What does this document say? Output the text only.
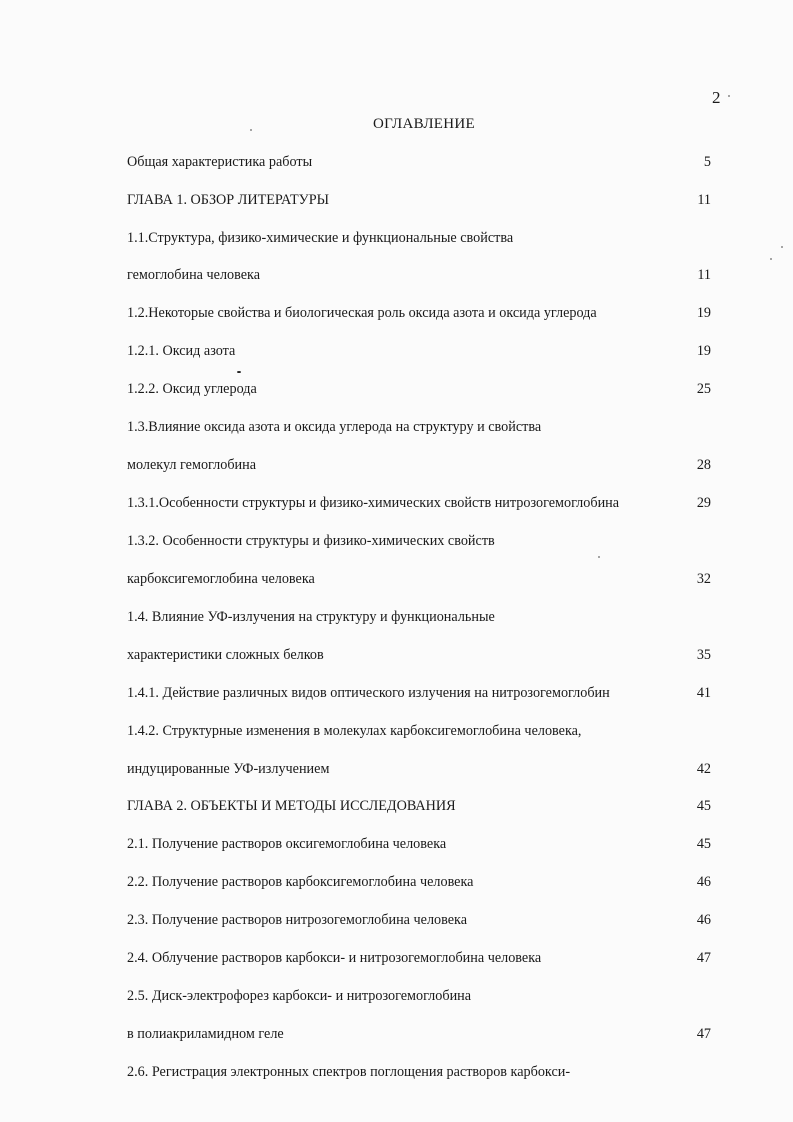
2
ОГЛАВЛЕНИЕ
Общая характеристика работы	5
ГЛАВА 1. ОБЗОР ЛИТЕРАТУРЫ	11
1.1.Структура, физико-химические и функциональные свойства
гемоглобина человека	11
1.2.Некоторые свойства и биологическая роль оксида азота и оксида углерода	19
1.2.1. Оксид азота	19
1.2.2. Оксид углерода	25
1.3.Влияние оксида азота и оксида углерода на структуру и свойства
молекул гемоглобина	28
1.3.1.Особенности структуры и физико-химических свойств нитрозогемоглобина	29
1.3.2. Особенности структуры и физико-химических свойств
карбоксигемоглобина человека	32
1.4. Влияние УФ-излучения на структуру и функциональные
характеристики сложных белков	35
1.4.1. Действие различных видов оптического излучения на нитрозогемоглобин	41
1.4.2. Структурные изменения в молекулах карбоксигемоглобина человека,
индуцированные УФ-излучением	42
ГЛАВА 2. ОБЪЕКТЫ И МЕТОДЫ ИССЛЕДОВАНИЯ	45
2.1. Получение растворов оксигемоглобина человека	45
2.2. Получение растворов карбоксигемоглобина человека	46
2.3. Получение растворов нитрозогемоглобина человека	46
2.4. Облучение растворов карбокси- и нитрозогемоглобина человека	47
2.5. Диск-электрофорез карбокси- и нитрозогемоглобина
в полиакриламидном геле	47
2.6. Регистрация электронных спектров поглощения растворов карбокси-
